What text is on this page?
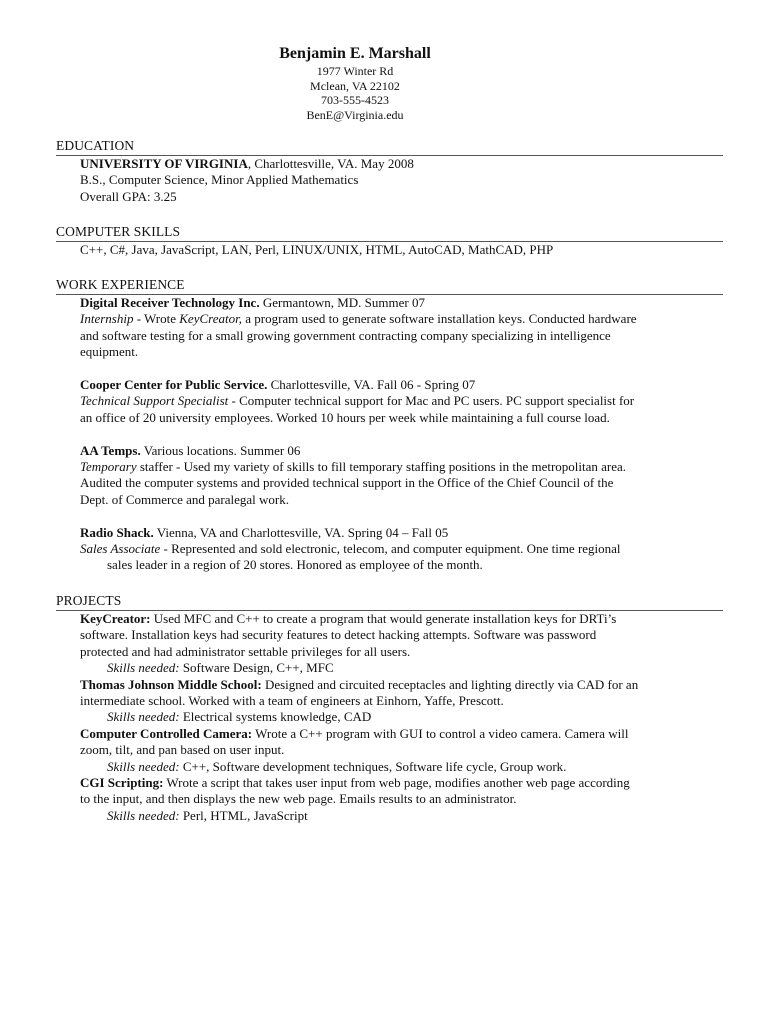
Benjamin E. Marshall
1977 Winter Rd
Mclean, VA 22102
703-555-4523
BenE@Virginia.edu
EDUCATION
UNIVERSITY OF VIRGINIA, Charlottesville, VA. May 2008
B.S., Computer Science, Minor Applied Mathematics
Overall GPA: 3.25
COMPUTER SKILLS
C++, C#, Java, JavaScript, LAN, Perl, LINUX/UNIX, HTML, AutoCAD, MathCAD, PHP
WORK EXPERIENCE
Digital Receiver Technology Inc. Germantown, MD. Summer 07
Internship - Wrote KeyCreator, a program used to generate software installation keys. Conducted hardware
and software testing for a small growing government contracting company specializing in intelligence
equipment.
Cooper Center for Public Service. Charlottesville, VA. Fall 06 - Spring 07
Technical Support Specialist - Computer technical support for Mac and PC users. PC support specialist for
an office of 20 university employees. Worked 10 hours per week while maintaining a full course load.
AA Temps. Various locations. Summer 06
Temporary staffer - Used my variety of skills to fill temporary staffing positions in the metropolitan area.
Audited the computer systems and provided technical support in the Office of the Chief Council of the
Dept. of Commerce and paralegal work.
Radio Shack. Vienna, VA and Charlottesville, VA. Spring 04 – Fall 05
Sales Associate - Represented and sold electronic, telecom, and computer equipment. One time regional
sales leader in a region of 20 stores. Honored as employee of the month.
PROJECTS
KeyCreator: Used MFC and C++ to create a program that would generate installation keys for DRTi’s
software. Installation keys had security features to detect hacking attempts. Software was password
protected and had administrator settable privileges for all users.
Skills needed: Software Design, C++, MFC
Thomas Johnson Middle School: Designed and circuited receptacles and lighting directly via CAD for an
intermediate school. Worked with a team of engineers at Einhorn, Yaffe, Prescott.
Skills needed: Electrical systems knowledge, CAD
Computer Controlled Camera: Wrote a C++ program with GUI to control a video camera. Camera will
zoom, tilt, and pan based on user input.
Skills needed: C++, Software development techniques, Software life cycle, Group work.
CGI Scripting: Wrote a script that takes user input from web page, modifies another web page according
to the input, and then displays the new web page. Emails results to an administrator.
Skills needed: Perl, HTML, JavaScript
